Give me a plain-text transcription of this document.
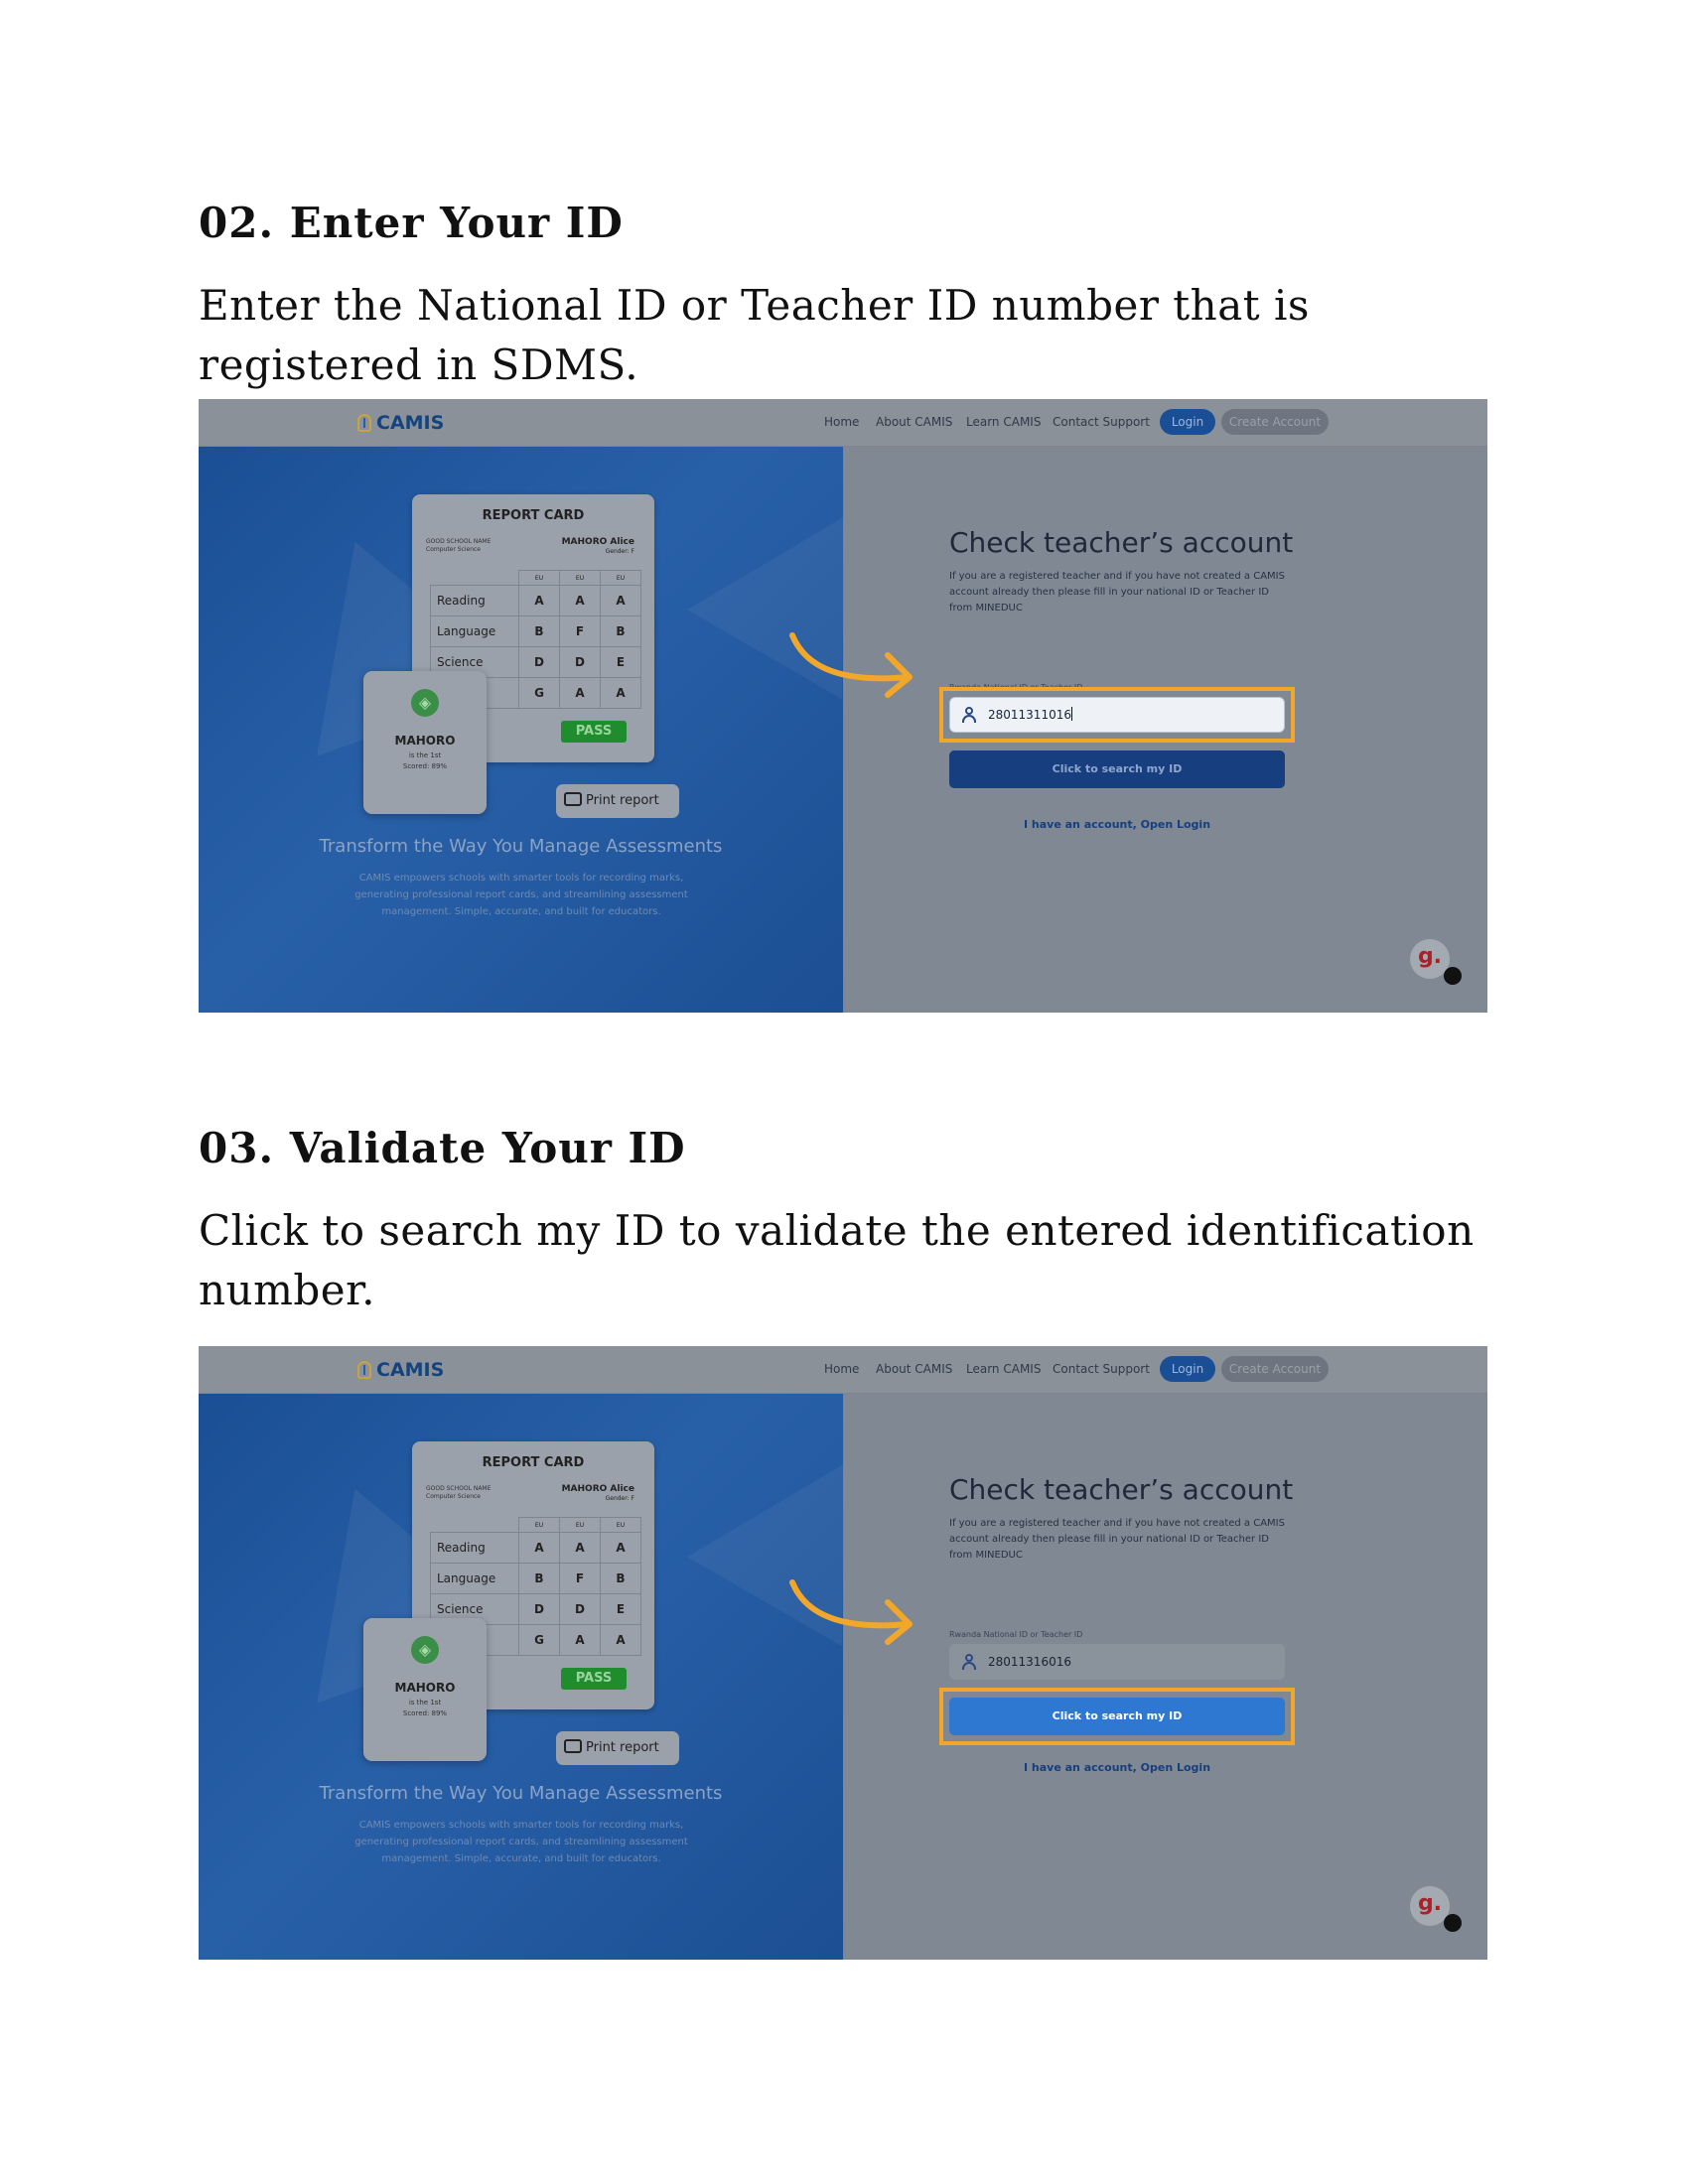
02. Enter Your ID

Enter the National ID or Teacher ID number that is registered in SDMS.

CAMIS	Home About CAMIS Learn CAMIS Contact Support	Login	Create Account
REPORT CARD
GOOD SCHOOL NAME
Computer Science
MAHORO Alice
Gender: F
	EU	EU	EU
Reading	A	A	A
Language	B	F	B
Science	D	D	E
	G	A	A
PASS
◈
MAHORO
is the 1st
Scored: 89%
Print report
Transform the Way You Manage Assessments
CAMIS empowers schools with smarter tools for recording marks, generating professional report cards, and streamlining assessment management. Simple, accurate, and built for educators.
Check teacher’s account
If you are a registered teacher and if you have not created a CAMIS account already then please fill in your national ID or Teacher ID from MINEDUC
Rwanda National ID or Teacher ID
28011311016
Click to search my ID
I have an account, Open Login
g.
03. Validate Your ID

Click to search my ID to validate the entered identification number.

CAMIS	Home About CAMIS Learn CAMIS Contact Support	Login	Create Account
REPORT CARD
GOOD SCHOOL NAME
Computer Science
MAHORO Alice
Gender: F
	EU	EU	EU
Reading	A	A	A
Language	B	F	B
Science	D	D	E
	G	A	A
PASS
◈
MAHORO
is the 1st
Scored: 89%
Print report
Transform the Way You Manage Assessments
CAMIS empowers schools with smarter tools for recording marks, generating professional report cards, and streamlining assessment management. Simple, accurate, and built for educators.
Check teacher’s account
If you are a registered teacher and if you have not created a CAMIS account already then please fill in your national ID or Teacher ID from MINEDUC
Rwanda National ID or Teacher ID
28011316016
Click to search my ID
I have an account, Open Login
g.
